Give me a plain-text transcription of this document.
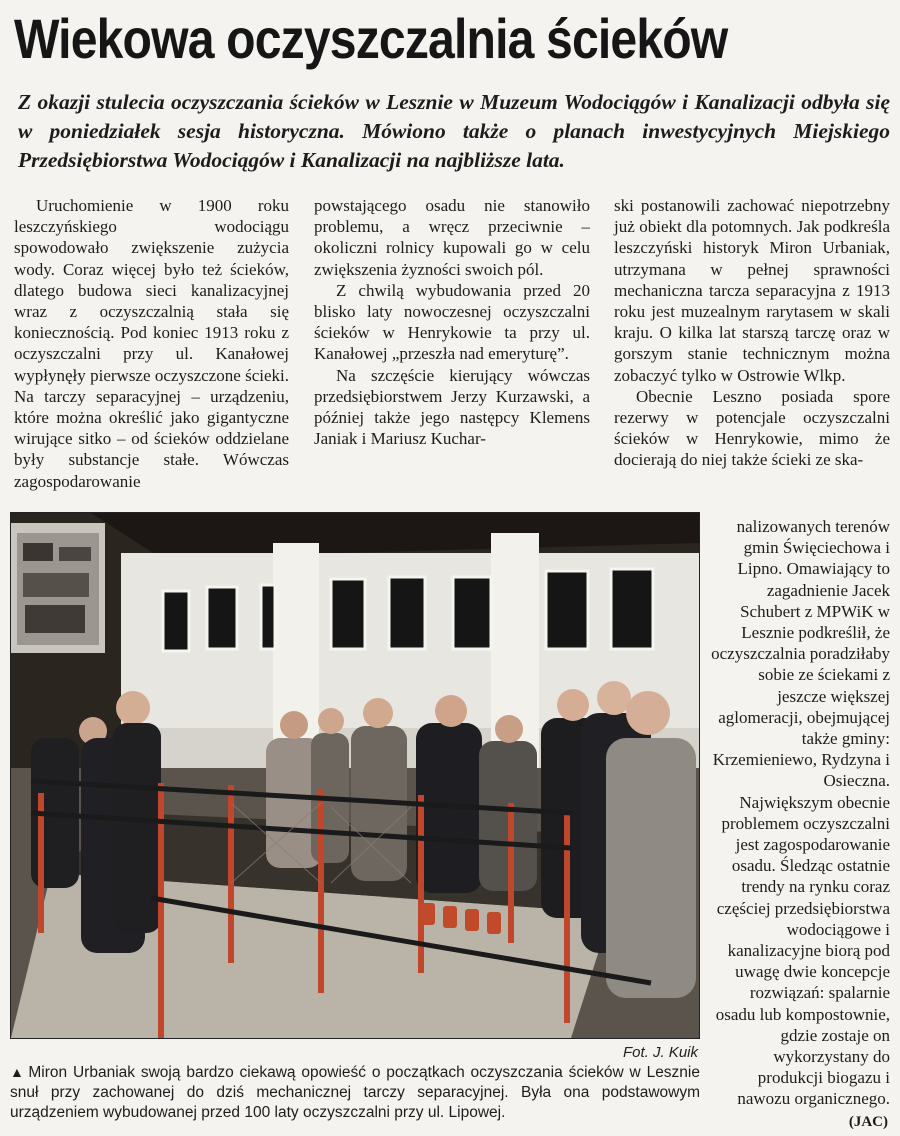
Wiekowa oczyszczalnia ścieków
Z okazji stulecia oczyszczania ścieków w Lesznie w Muzeum Wodociągów i Kanalizacji odbyła się w poniedziałek sesja historyczna. Mówiono także o planach inwestycyjnych Miejskiego Przedsiębiorstwa Wodociągów i Kanalizacji na najbliższe lata.

Uruchomienie w 1900 roku leszczyńskiego wodociągu spowodowało zwiększenie zużycia wody. Coraz więcej było też ścieków, dlatego budowa sieci kanalizacyjnej wraz z oczyszczalnią stała się koniecznością. Pod koniec 1913 roku z oczyszczalni przy ul. Kanałowej wypłynęły pierwsze oczyszczone ścieki. Na tarczy separacyjnej – urządzeniu, które można określić jako gigantyczne wirujące sitko – od ścieków oddzielane były substancje stałe. Wówczas zagospodarowanie

powstającego osadu nie stanowiło problemu, a wręcz przeciwnie – okoliczni rolnicy kupowali go w celu zwiększenia żyzności swoich pól.

Z chwilą wybudowania przed 20 blisko laty nowoczesnej oczyszczalni ścieków w Henrykowie ta przy ul. Kanałowej „przeszła nad emeryturę”.

Na szczęście kierujący wówczas przedsiębiorstwem Jerzy Kurzawski, a później także jego następcy Klemens Janiak i Mariusz Kuchar-

ski postanowili zachować niepotrzebny już obiekt dla potomnych. Jak podkreśla leszczyński historyk Miron Urbaniak, utrzymana w pełnej sprawności mechaniczna tarcza separacyjna z 1913 roku jest muzealnym rarytasem w skali kraju. O kilka lat starszą tarczę oraz w gorszym stanie technicznym można zobaczyć tylko w Ostrowie Wlkp.

Obecnie Leszno posiada spore rezerwy w potencjale oczyszczalni ścieków w Henrykowie, mimo że docierają do niej także ścieki ze ska-

nalizowanych terenów gmin Święciechowa i Lipno. Omawiający to zagadnienie Jacek Schubert z MPWiK w Lesznie podkreślił, że oczyszczalnia poradziłaby sobie ze ściekami z jeszcze większej aglomeracji, obejmującej także gminy: Krzemieniewo, Rydzyna i Osieczna.

Największym obecnie problemem oczyszczalni jest zagospodarowanie osadu. Śledząc ostatnie trendy na rynku coraz częściej przedsiębiorstwa wodociągowe i kanalizacyjne biorą pod uwagę dwie koncepcje rozwiązań: spalarnie osadu lub kompostownie, gdzie zostaje on wykorzystany do produkcji biogazu i nawozu organicznego.

Fot. J. Kuik
▲ Miron Urbaniak swoją bardzo ciekawą opowieść o początkach oczyszczania ścieków w Lesznie snuł przy zachowanej do dziś mechanicznej tarczy separacyjnej. Była ona podstawowym urządzeniem wybudowanej przed 100 laty oczyszczalni przy ul. Lipowej.
(JAC)
